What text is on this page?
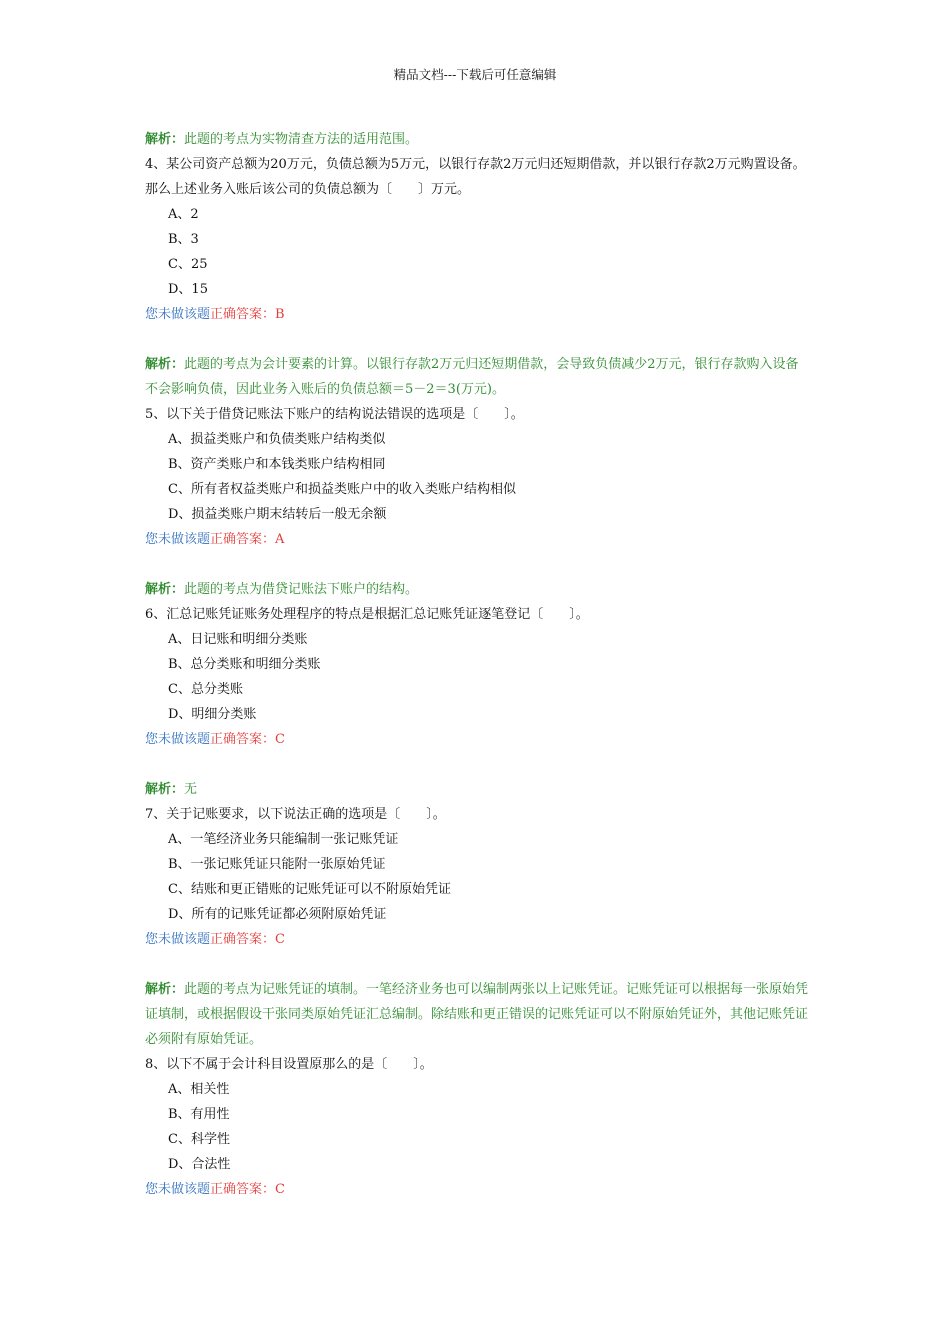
精品文档---下载后可任意编辑
解析：此题的考点为实物清查方法的适用范围。
4、某公司资产总额为20万元，负债总额为5万元，以银行存款2万元归还短期借款，并以银行存款2万元购置设备。那么上述业务入账后该公司的负债总额为〔　　〕万元。
A、2
B、3
C、25
D、15
您未做该题正确答案：B
解析：此题的考点为会计要素的计算。以银行存款2万元归还短期借款，会导致负债减少2万元，银行存款购入设备不会影响负债，因此业务入账后的负债总额＝5－2＝3(万元)。
5、以下关于借贷记账法下账户的结构说法错误的选项是〔　　〕。
A、损益类账户和负债类账户结构类似
B、资产类账户和本钱类账户结构相同
C、所有者权益类账户和损益类账户中的收入类账户结构相似
D、损益类账户期末结转后一般无余额
您未做该题正确答案：A
解析：此题的考点为借贷记账法下账户的结构。
6、汇总记账凭证账务处理程序的特点是根据汇总记账凭证逐笔登记〔　　〕。
A、日记账和明细分类账
B、总分类账和明细分类账
C、总分类账
D、明细分类账
您未做该题正确答案：C
解析：无
7、关于记账要求，以下说法正确的选项是〔　　〕。
A、一笔经济业务只能编制一张记账凭证
B、一张记账凭证只能附一张原始凭证
C、结账和更正错账的记账凭证可以不附原始凭证
D、所有的记账凭证都必须附原始凭证
您未做该题正确答案：C
解析：此题的考点为记账凭证的填制。一笔经济业务也可以编制两张以上记账凭证。记账凭证可以根据每一张原始凭证填制，或根据假设干张同类原始凭证汇总编制。除结账和更正错误的记账凭证可以不附原始凭证外，其他记账凭证必须附有原始凭证。
8、以下不属于会计科目设置原那么的是〔　　〕。
A、相关性
B、有用性
C、科学性
D、合法性
您未做该题正确答案：C
